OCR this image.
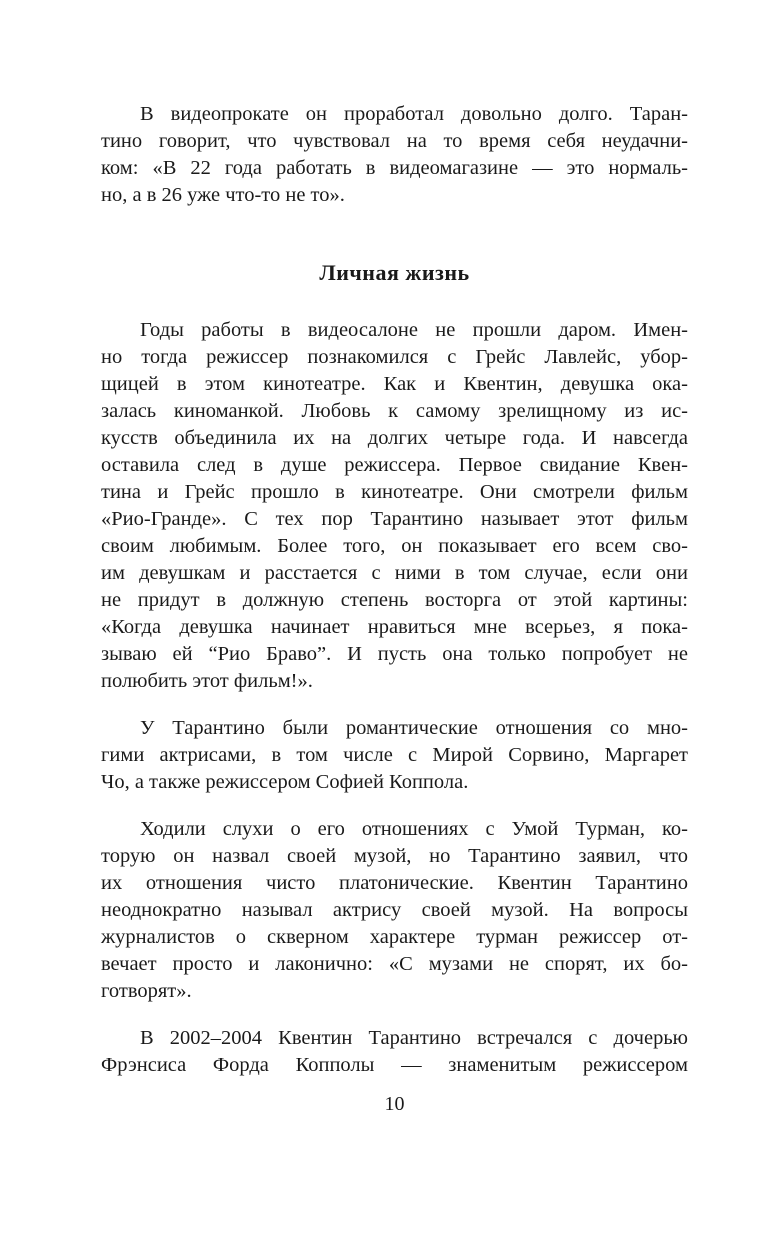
В видеопрокате он проработал довольно долго. Таран-
тино говорит, что чувствовал на то время себя неудачни-
ком: «В 22 года работать в видеомагазине — это нормаль-
но, а в 26 уже что-то не то».
Личная жизнь
Годы работы в видеосалоне не прошли даром. Имен-
но тогда режиссер познакомился с Грейс Лавлейс, убор-
щицей в этом кинотеатре. Как и Квентин, девушка ока-
залась киноманкой. Любовь к самому зрелищному из ис-
кусств объединила их на долгих четыре года. И навсегда
оставила след в душе режиссера. Первое свидание Квен-
тина и Грейс прошло в кинотеатре. Они смотрели фильм
«Рио-Гранде». С тех пор Тарантино называет этот фильм
своим любимым. Более того, он показывает его всем сво-
им девушкам и расстается с ними в том случае, если они
не придут в должную степень восторга от этой картины:
«Когда девушка начинает нравиться мне всерьез, я пока-
зываю ей “Рио Браво”. И пусть она только попробует не
полюбить этот фильм!».
У Тарантино были романтические отношения со мно-
гими актрисами, в том числе с Мирой Сорвино, Маргарет
Чо, а также режиссером Софией Коппола.
Ходили слухи о его отношениях с Умой Турман, ко-
торую он назвал своей музой, но Тарантино заявил, что
их отношения чисто платонические. Квентин Тарантино
неоднократно называл актрису своей музой. На вопросы
журналистов о скверном характере турман режиссер от-
вечает просто и лаконично: «С музами не спорят, их бо-
готворят».
В 2002–2004 Квентин Тарантино встречался с дочерью
Фрэнсиса Форда Копполы — знаменитым режиссером
10
